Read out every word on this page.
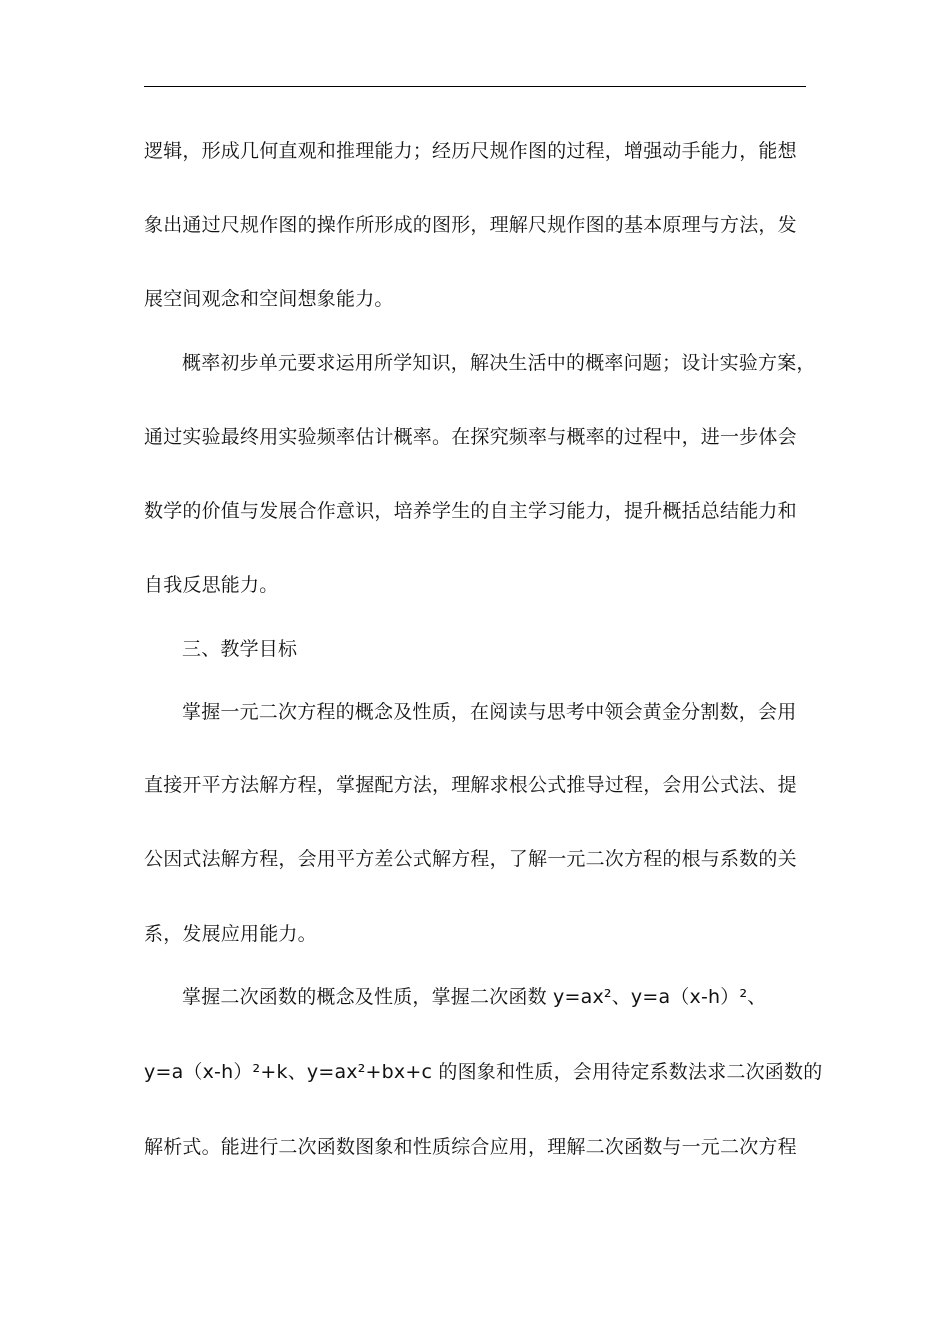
逻辑，形成几何直观和推理能力；经历尺规作图的过程，增强动手能力，能想
象出通过尺规作图的操作所形成的图形，理解尺规作图的基本原理与方法，发
展空间观念和空间想象能力。
概率初步单元要求运用所学知识，解决生活中的概率问题；设计实验方案，
通过实验最终用实验频率估计概率。在探究频率与概率的过程中，进一步体会
数学的价值与发展合作意识，培养学生的自主学习能力，提升概括总结能力和
自我反思能力。
三、教学目标
掌握一元二次方程的概念及性质，在阅读与思考中领会黄金分割数，会用
直接开平方法解方程，掌握配方法，理解求根公式推导过程，会用公式法、提
公因式法解方程，会用平方差公式解方程，了解一元二次方程的根与系数的关
系，发展应用能力。
掌握二次函数的概念及性质，掌握二次函数 y=ax²、y=a（x-h）²、
y=a（x-h）²+k、y=ax²+bx+c 的图象和性质，会用待定系数法求二次函数的
解析式。能进行二次函数图象和性质综合应用，理解二次函数与一元二次方程
